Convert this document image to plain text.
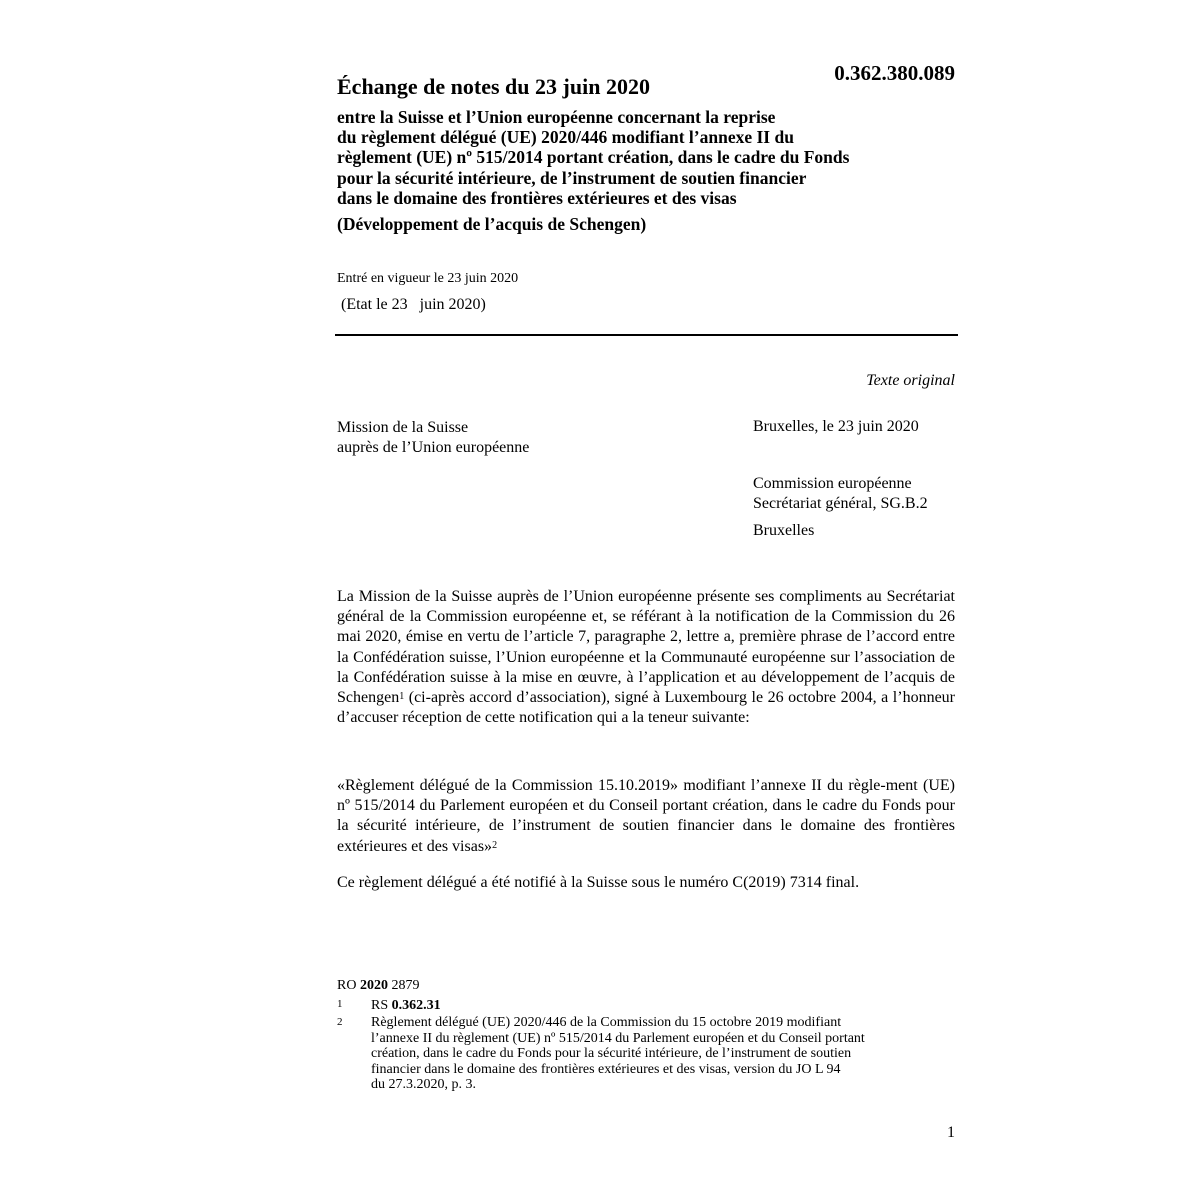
Échange de notes du 23 juin 2020
0.362.380.089
entre la Suisse et l’Union européenne concernant la reprise
du règlement délégué (UE) 2020/446 modifiant l’annexe II du
règlement (UE) nº 515/2014 portant création, dans le cadre du Fonds
pour la sécurité intérieure, de l’instrument de soutien financier
dans le domaine des frontières extérieures et des visas
(Développement de l’acquis de Schengen)
Entré en vigueur le 23 juin 2020
(Etat le 23   juin 2020)
Texte original
Mission de la Suisse
auprès de l’Union européenne
Bruxelles, le 23 juin 2020
Commission européenne
Secrétariat général, SG.B.2
Bruxelles

La Mission de la Suisse auprès de l’Union européenne présente ses compliments au Secrétariat général de la Commission européenne et, se référant à la notification de la Commission du 26 mai 2020, émise en vertu de l’article 7, paragraphe 2, lettre a, première phrase de l’accord entre la Confédération suisse, l’Union européenne et la Communauté européenne sur l’association de la Confédération suisse à la mise en œuvre, à l’application et au développement de l’acquis de Schengen$^1$ (ci-après accord d’association), signé à Luxembourg le 26 octobre 2004, a l’honneur d’accuser réception de cette notification qui a la teneur suivante:

«Règlement délégué de la Commission 15.10.2019» modifiant l’annexe II du règle-ment (UE) nº 515/2014 du Parlement européen et du Conseil portant création, dans le cadre du Fonds pour la sécurité intérieure, de l’instrument de soutien financier dans le domaine des frontières extérieures et des visas»$^2$

Ce règlement délégué a été notifié à la Suisse sous le numéro C(2019) 7314 final.

RO 2020 2879
1 RS 0.362.31
2 Règlement délégué (UE) 2020/446 de la Commission du 15 octobre 2019 modifiant
l’annexe II du règlement (UE) nº 515/2014 du Parlement européen et du Conseil portant
création, dans le cadre du Fonds pour la sécurité intérieure, de l’instrument de soutien
financier dans le domaine des frontières extérieures et des visas, version du JO L 94
du 27.3.2020, p. 3.
1
